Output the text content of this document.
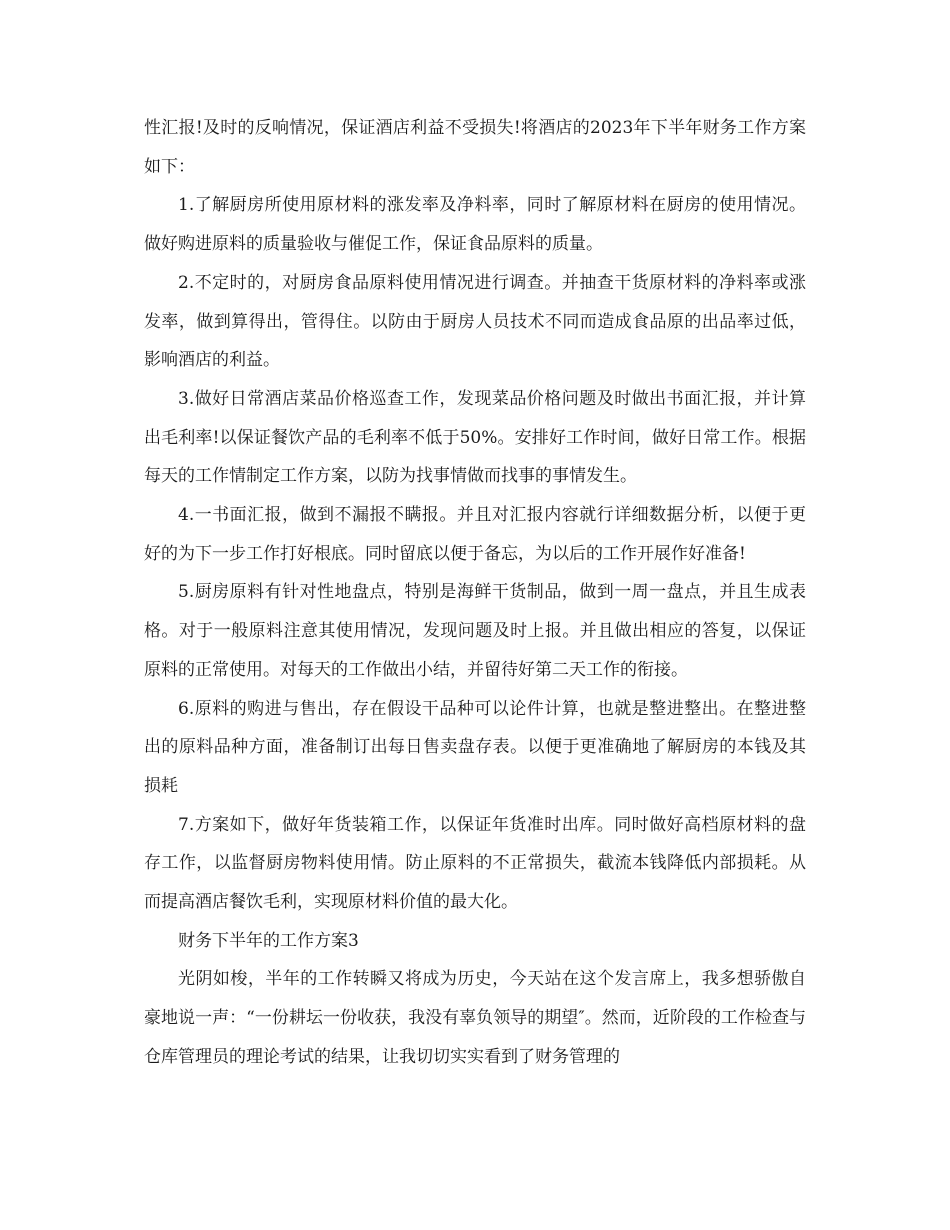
性汇报!及时的反响情况，保证酒店利益不受损失!将酒店的2023年下半年财务工作方案如下：

1.了解厨房所使用原材料的涨发率及净料率，同时了解原材料在厨房的使用情况。做好购进原料的质量验收与催促工作，保证食品原料的质量。

2.不定时的，对厨房食品原料使用情况进行调查。并抽查干货原材料的净料率或涨发率，做到算得出，管得住。以防由于厨房人员技术不同而造成食品原的出品率过低，影响酒店的利益。

3.做好日常酒店菜品价格巡查工作，发现菜品价格问题及时做出书面汇报，并计算出毛利率!以保证餐饮产品的毛利率不低于50%。安排好工作时间，做好日常工作。根据每天的工作情制定工作方案，以防为找事情做而找事的事情发生。

4.一书面汇报，做到不漏报不瞒报。并且对汇报内容就行详细数据分析，以便于更好的为下一步工作打好根底。同时留底以便于备忘，为以后的工作开展作好准备!

5.厨房原料有针对性地盘点，特别是海鲜干货制品，做到一周一盘点，并且生成表格。对于一般原料注意其使用情况，发现问题及时上报。并且做出相应的答复，以保证原料的正常使用。对每天的工作做出小结，并留待好第二天工作的衔接。

6.原料的购进与售出，存在假设干品种可以论件计算，也就是整进整出。在整进整出的原料品种方面，准备制订出每日售卖盘存表。以便于更准确地了解厨房的本钱及其损耗

7.方案如下，做好年货装箱工作，以保证年货准时出库。同时做好高档原材料的盘存工作，以监督厨房物料使用情。防止原料的不正常损失，截流本钱降低内部损耗。从而提高酒店餐饮毛利，实现原材料价值的最大化。

财务下半年的工作方案3

光阴如梭，半年的工作转瞬又将成为历史，今天站在这个发言席上，我多想骄傲自豪地说一声：“一份耕坛一份收获，我没有辜负领导的期望″。然而，近阶段的工作检查与仓库管理员的理论考试的结果，让我切切实实看到了财务管理的
